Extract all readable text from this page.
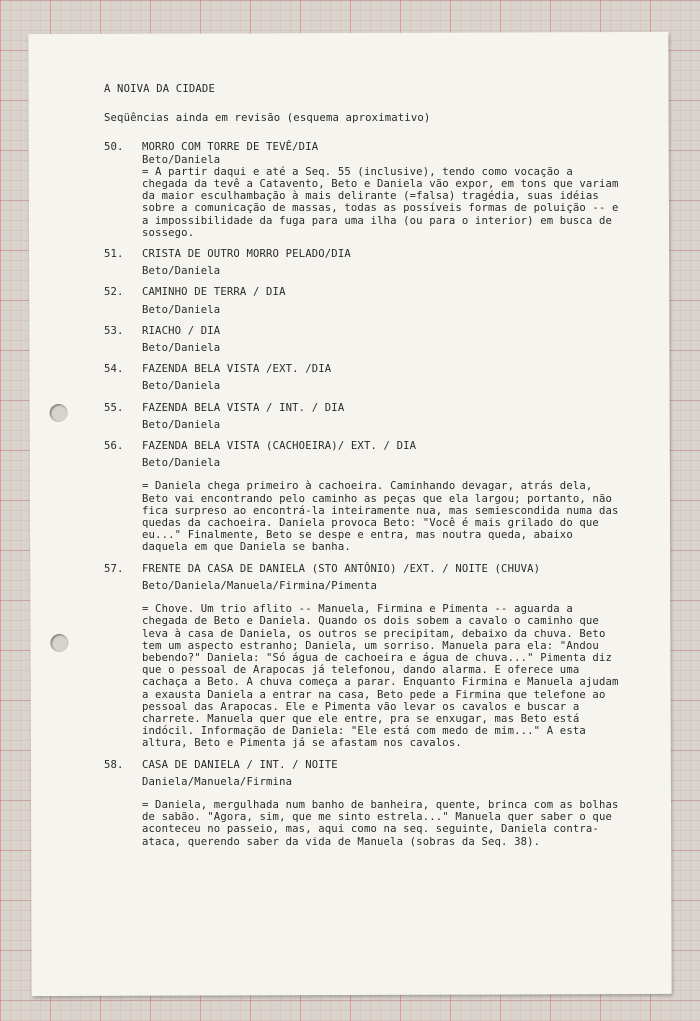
A NOIVA DA CIDADE
Seqüências ainda em revisão (esquema aproximativo)
50. MORRO COM TORRE DE TEVÊ/DIA
Beto/Daniela
= A partir daqui e até a Seq. 55 (inclusive), tendo como vocação a chegada da tevê a Catavento, Beto e Daniela vão expor, em tons que variam da maior esculhambação à mais delirante (=falsa) tragédia, suas idéias sobre a comunicação de massas, todas as possíveis formas de poluição -- e a impossibilidade da fuga para uma ilha (ou para o interior) em busca de sossego.
51. CRISTA DE OUTRO MORRO PELADO/DIA
Beto/Daniela
52. CAMINHO DE TERRA / DIA
Beto/Daniela
53. RIACHO / DIA
Beto/Daniela
54. FAZENDA BELA VISTA /EXT. /DIA
Beto/Daniela
55. FAZENDA BELA VISTA / INT. / DIA
Beto/Daniela
56. FAZENDA BELA VISTA (CACHOEIRA)/ EXT. / DIA
Beto/Daniela
= Daniela chega primeiro à cachoeira. Caminhando devagar, atrás dela, Beto vai encontrando pelo caminho as peças que ela largou; portanto, não fica surpreso ao encontrá-la inteiramente nua, mas semiescondida numa das quedas da cachoeira. Daniela provoca Beto: "Você é mais grilado do que eu..." Finalmente, Beto se despe e entra, mas noutra queda, abaixo daquela em que Daniela se banha.
57. FRENTE DA CASA DE DANIELA (STO ANTÔNIO) /EXT. / NOITE (CHUVA)
Beto/Daniela/Manuela/Firmina/Pimenta
= Chove. Um trio aflito -- Manuela, Firmina e Pimenta -- aguarda a chegada de Beto e Daniela. Quando os dois sobem a cavalo o caminho que leva à casa de Daniela, os outros se precipitam, debaixo da chuva. Beto tem um aspecto estranho; Daniela, um sorriso. Manuela para ela: "Andou bebendo?" Daniela: "Só água de cachoeira e água de chuva..." Pimenta diz que o pessoal de Arapocas já telefonou, dando alarma. E oferece uma cachaça a Beto. A chuva começa a parar. Enquanto Firmina e Manuela ajudam a exausta Daniela a entrar na casa, Beto pede a Firmina que telefone ao pessoal das Arapocas. Ele e Pimenta vão levar os cavalos e buscar a charrete. Manuela quer que ele entre, pra se enxugar, mas Beto está indócil. Informação de Daniela: "Ele está com medo de mim..." A esta altura, Beto e Pimenta já se afastam nos cavalos.
58. CASA DE DANIELA / INT. / NOITE
Daniela/Manuela/Firmina
= Daniela, mergulhada num banho de banheira, quente, brinca com as bolhas de sabão. "Agora, sim, que me sinto estrela..." Manuela quer saber o que aconteceu no passeio, mas, aqui como na seq. seguinte, Daniela contra-ataca, querendo saber da vida de Manuela (sobras da Seq. 38).
